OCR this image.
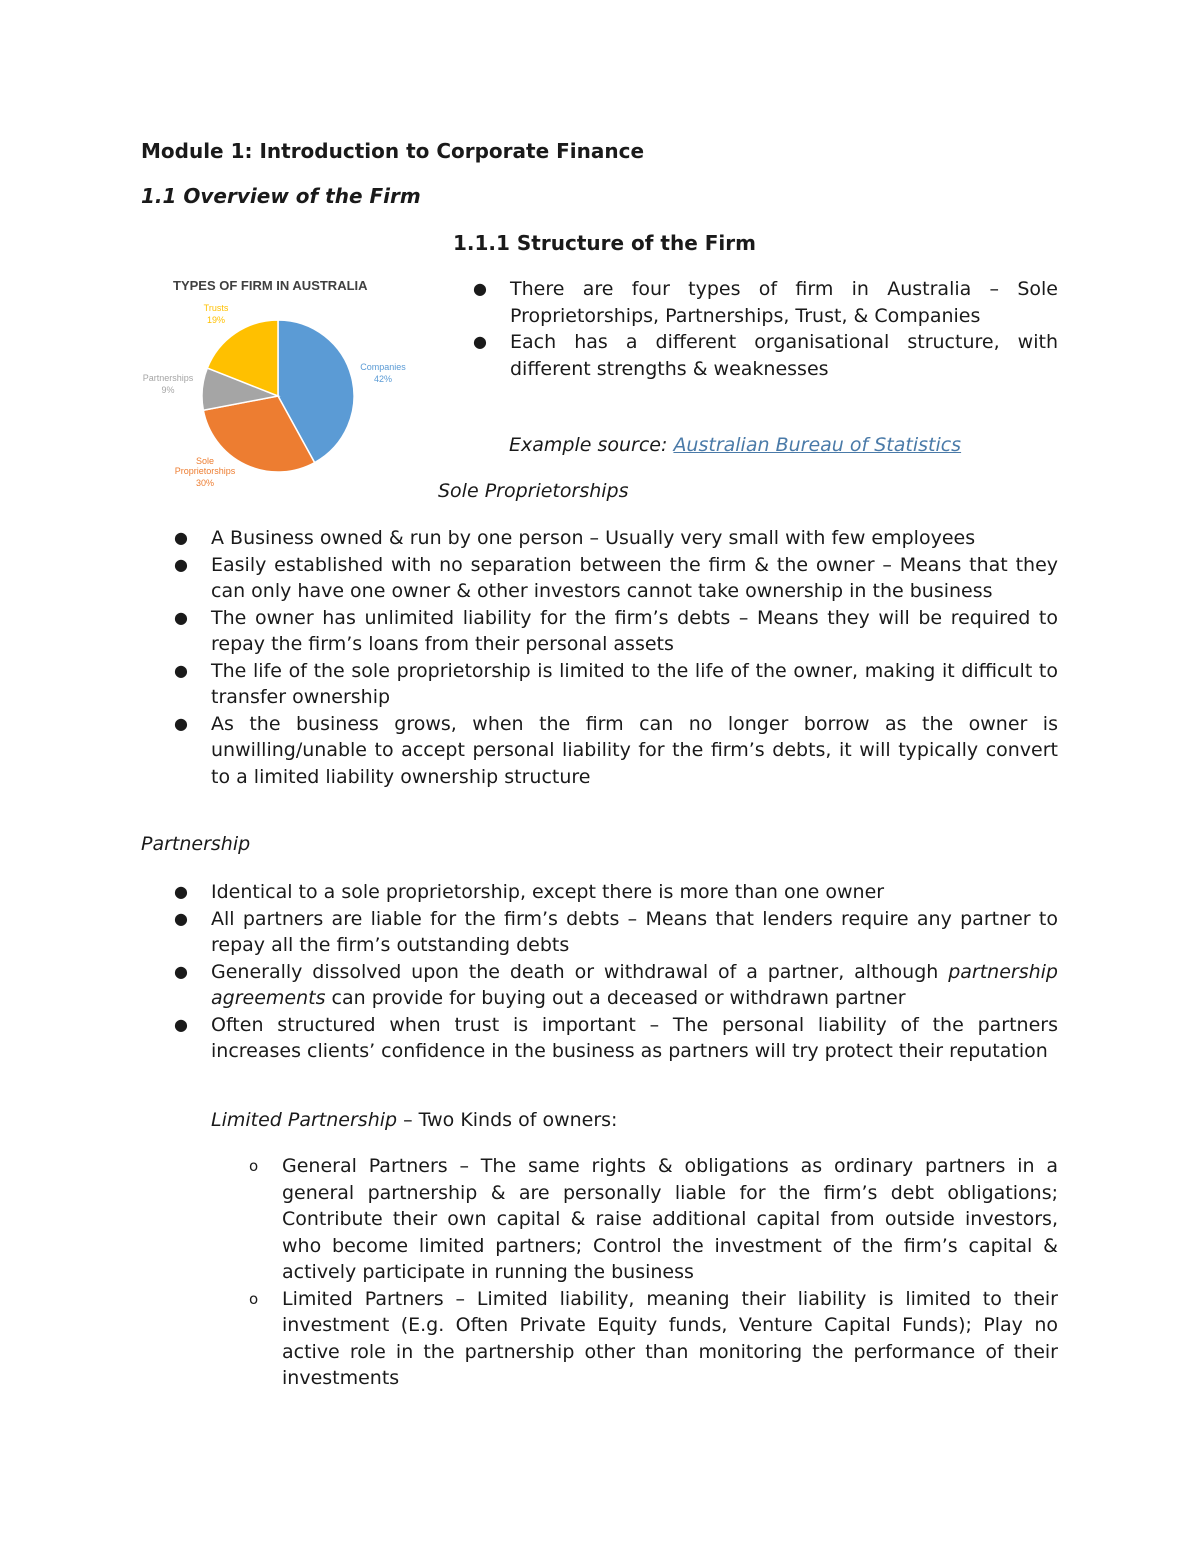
Module 1: Introduction to Corporate Finance
1.1 Overview of the Firm
1.1.1 Structure of the Firm
TYPES OF FIRM IN AUSTRALIA
Companies
42%
Sole Proprietorships
30%
Partnerships
9%
Trusts
19%
● There are four types of firm in Australia – Sole Proprietorships, Partnerships, Trust, & Companies
● Each has a different organisational structure, with different strengths & weaknesses
Example source: Australian Bureau of Statistics
Sole Proprietorships
● A Business owned & run by one person – Usually very small with few employees
● Easily established with no separation between the firm & the owner – Means that they can only have one owner & other investors cannot take ownership in the business
● The owner has unlimited liability for the firm’s debts – Means they will be required to repay the firm’s loans from their personal assets
● The life of the sole proprietorship is limited to the life of the owner, making it difficult to transfer ownership
● As the business grows, when the firm can no longer borrow as the owner is unwilling/unable to accept personal liability for the firm’s debts, it will typically convert to a limited liability ownership structure
Partnership
● Identical to a sole proprietorship, except there is more than one owner
● All partners are liable for the firm’s debts – Means that lenders require any partner to repay all the firm’s outstanding debts
● Generally dissolved upon the death or withdrawal of a partner, although partnership agreements can provide for buying out a deceased or withdrawn partner
● Often structured when trust is important – The personal liability of the partners increases clients’ confidence in the business as partners will try protect their reputation
Limited Partnership – Two Kinds of owners:
o General Partners – The same rights & obligations as ordinary partners in a general partnership & are personally liable for the firm’s debt obligations; Contribute their own capital & raise additional capital from outside investors, who become limited partners; Control the investment of the firm’s capital & actively participate in running the business
o Limited Partners – Limited liability, meaning their liability is limited to their investment (E.g. Often Private Equity funds, Venture Capital Funds); Play no active role in the partnership other than monitoring the performance of their investments
